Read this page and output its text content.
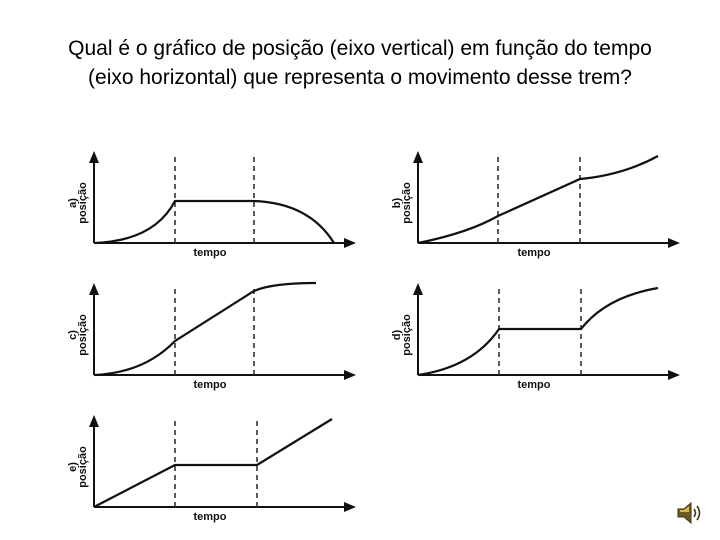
Qual é o gráfico de posição (eixo vertical) em função do tempo
(eixo horizontal) que representa o movimento desse trem?
a)
posição
tempo
b)
posição
tempo
c)
posição
tempo
d)
posição
tempo
e)
posição
tempo
